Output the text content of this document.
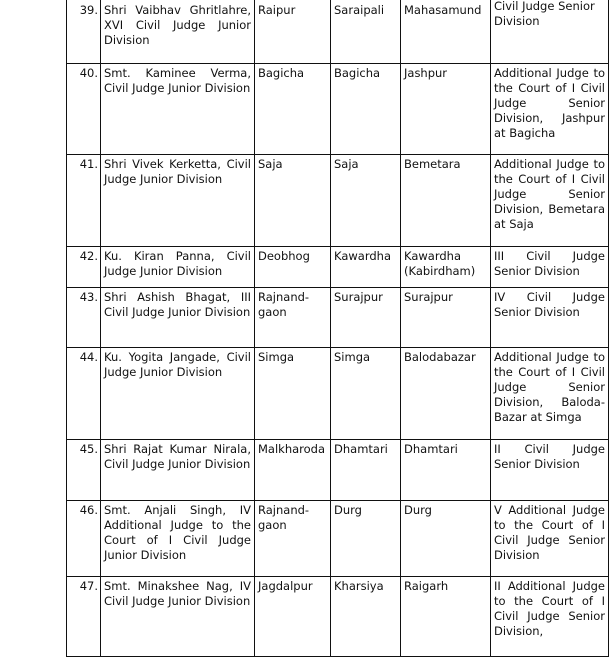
39.	Shri Vaibhav Ghritlahre, XVI Civil Judge Junior Division	Raipur	Saraipali	Mahasamund	Civil Judge Senior Division

40.	Smt. Kaminee Verma, Civil Judge Junior Division	Bagicha	Bagicha	Jashpur	Additional Judge to the Court of I Civil Judge Senior Division, Jashpur at Bagicha
41.	Shri Vivek Kerketta, Civil Judge Junior Division	Saja	Saja	Bemetara	Additional Judge to the Court of I Civil Judge Senior Division, Bemetara at Saja
42.	Ku. Kiran Panna, Civil Judge Junior Division	Deobhog	Kawardha	Kawardha (Kabirdham)	III Civil Judge Senior Division
43.	Shri Ashish Bhagat, III Civil Judge Junior Division	Rajnand-gaon	Surajpur	Surajpur	IV Civil Judge Senior Division
44.	Ku. Yogita Jangade, Civil Judge Junior Division	Simga	Simga	Balodabazar	Additional Judge to the Court of I Civil Judge Senior Division, Baloda-Bazar at Simga
45.	Shri Rajat Kumar Nirala, Civil Judge Junior Division	Malkharoda	Dhamtari	Dhamtari	II Civil Judge Senior Division
46.	Smt. Anjali Singh, IV Additional Judge to the Court of I Civil Judge Junior Division	Rajnand-gaon	Durg	Durg	V Additional Judge to the Court of I Civil Judge Senior Division
47.	Smt. Minakshee Nag, IV Civil Judge Junior Division	Jagdalpur	Kharsiya	Raigarh	II Additional Judge to the Court of I Civil Judge Senior Division,
